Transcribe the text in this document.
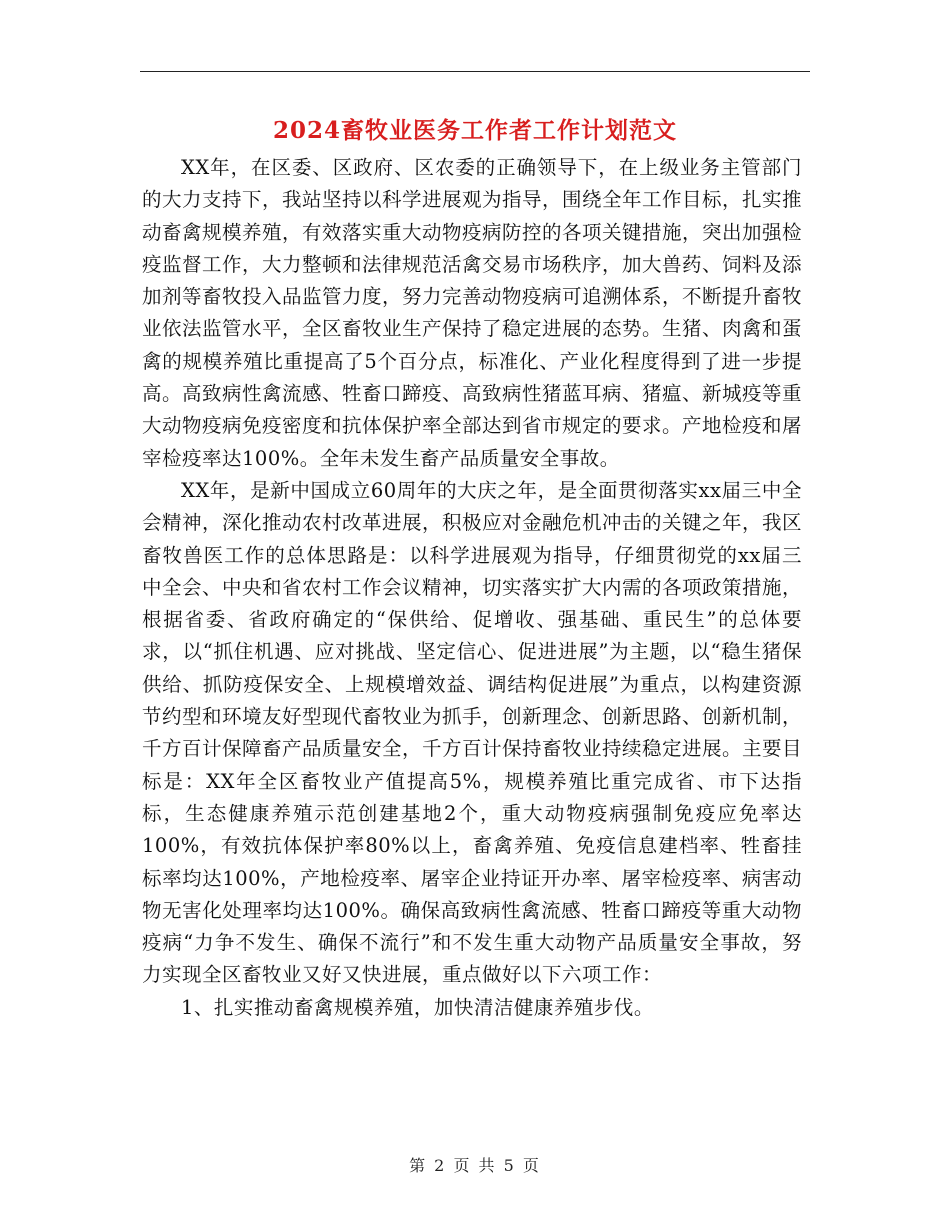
2024畜牧业医务工作者工作计划范文

XX年，在区委、区政府、区农委的正确领导下，在上级业务主管部门的大力支持下，我站坚持以科学进展观为指导，围绕全年工作目标，扎实推动畜禽规模养殖，有效落实重大动物疫病防控的各项关键措施，突出加强检疫监督工作，大力整顿和法律规范活禽交易市场秩序，加大兽药、饲料及添加剂等畜牧投入品监管力度，努力完善动物疫病可追溯体系，不断提升畜牧业依法监管水平，全区畜牧业生产保持了稳定进展的态势。生猪、肉禽和蛋禽的规模养殖比重提高了5个百分点，标准化、产业化程度得到了进一步提高。高致病性禽流感、牲畜口蹄疫、高致病性猪蓝耳病、猪瘟、新城疫等重大动物疫病免疫密度和抗体保护率全部达到省市规定的要求。产地检疫和屠宰检疫率达100%。全年未发生畜产品质量安全事故。

XX年，是新中国成立60周年的大庆之年，是全面贯彻落实xx届三中全会精神，深化推动农村改革进展，积极应对金融危机冲击的关键之年，我区畜牧兽医工作的总体思路是：以科学进展观为指导，仔细贯彻党的xx届三中全会、中央和省农村工作会议精神，切实落实扩大内需的各项政策措施，根据省委、省政府确定的“保供给、促增收、强基础、重民生”的总体要求，以“抓住机遇、应对挑战、坚定信心、促进进展”为主题，以“稳生猪保供给、抓防疫保安全、上规模增效益、调结构促进展”为重点，以构建资源节约型和环境友好型现代畜牧业为抓手，创新理念、创新思路、创新机制，千方百计保障畜产品质量安全，千方百计保持畜牧业持续稳定进展。主要目标是：XX年全区畜牧业产值提高5%，规模养殖比重完成省、市下达指标，生态健康养殖示范创建基地2个，重大动物疫病强制免疫应免率达100%，有效抗体保护率80%以上，畜禽养殖、免疫信息建档率、牲畜挂标率均达100%，产地检疫率、屠宰企业持证开办率、屠宰检疫率、病害动物无害化处理率均达100%。确保高致病性禽流感、牲畜口蹄疫等重大动物疫病“力争不发生、确保不流行”和不发生重大动物产品质量安全事故，努力实现全区畜牧业又好又快进展，重点做好以下六项工作：

1、扎实推动畜禽规模养殖，加快清洁健康养殖步伐。

第 2 页 共 5 页
